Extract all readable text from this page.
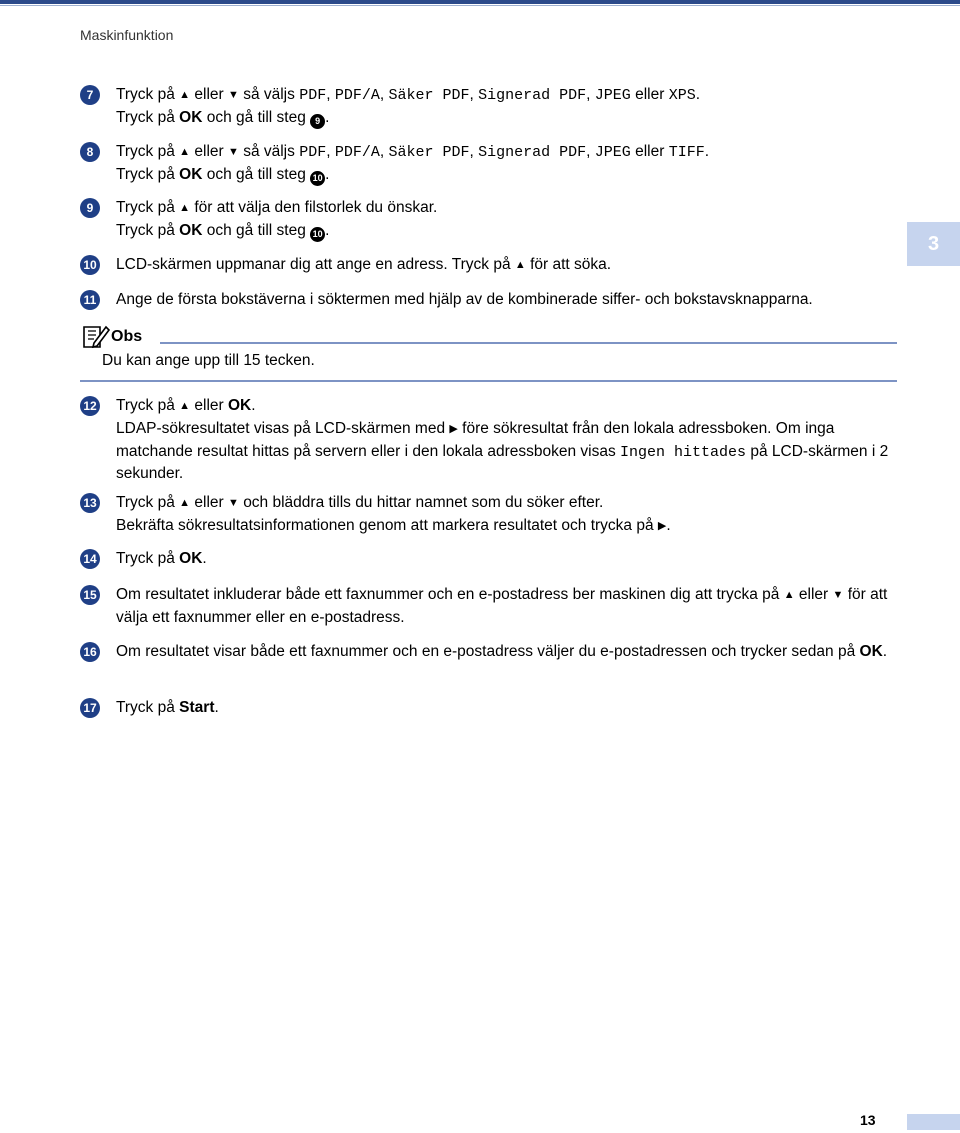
Maskinfunktion
3
7	Tryck på ▲ eller ▼ så väljs PDF, PDF/A, Säker PDF, Signerad PDF, JPEG eller XPS.
Tryck på OK och gå till steg 9 .
8	Tryck på ▲ eller ▼ så väljs PDF, PDF/A, Säker PDF, Signerad PDF, JPEG eller TIFF.
Tryck på OK och gå till steg 10 .
9	Tryck på ▲ för att välja den filstorlek du önskar.
Tryck på OK och gå till steg 10 .
10 LCD-skärmen uppmanar dig att ange en adress. Tryck på ▲ för att söka.
11 Ange de första bokstäverna i söktermen med hjälp av de kombinerade siffer- och bokstavsknapparna.
Obs
Du kan ange upp till 15 tecken.
12 Tryck på ▲ eller OK.
LDAP-sökresultatet visas på LCD-skärmen med ▶ före sökresultat från den lokala adressboken. Om inga matchande resultat hittas på servern eller i den lokala adressboken visas Ingen hittades på LCD-skärmen i 2 sekunder.
13 Tryck på ▲ eller ▼ och bläddra tills du hittar namnet som du söker efter.
Bekräfta sökresultatsinformationen genom att markera resultatet och trycka på ▶.
14 Tryck på OK.
15 Om resultatet inkluderar både ett faxnummer och en e-postadress ber maskinen dig att trycka på ▲ eller ▼ för att välja ett faxnummer eller en e-postadress.
16 Om resultatet visar både ett faxnummer och en e-postadress väljer du e-postadressen och trycker sedan på OK.
17 Tryck på Start.
13
